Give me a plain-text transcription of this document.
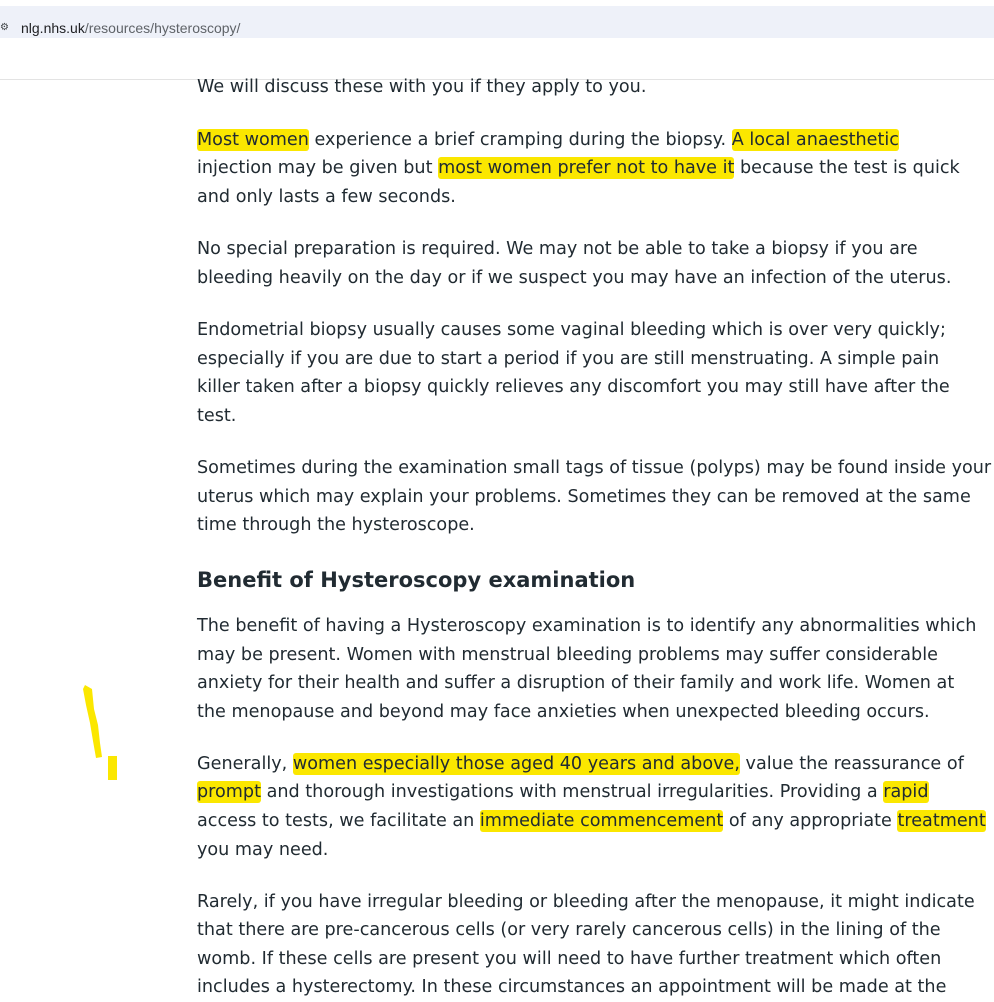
⚙ nlg.nhs.uk/resources/hysteroscopy/

We will discuss these with you if they apply to you.

Most women experience a brief cramping during the biopsy. A local anaesthetic

injection may be given but most women prefer not to have it because the test is quick

and only lasts a few seconds.

No special preparation is required. We may not be able to take a biopsy if you are

bleeding heavily on the day or if we suspect you may have an infection of the uterus.

Endometrial biopsy usually causes some vaginal bleeding which is over very quickly;

especially if you are due to start a period if you are still menstruating. A simple pain

killer taken after a biopsy quickly relieves any discomfort you may still have after the

test.

Sometimes during the examination small tags of tissue (polyps) may be found inside your

uterus which may explain your problems. Sometimes they can be removed at the same

time through the hysteroscope.

Benefit of Hysteroscopy examination

The benefit of having a Hysteroscopy examination is to identify any abnormalities which

may be present. Women with menstrual bleeding problems may suffer considerable

anxiety for their health and suffer a disruption of their family and work life. Women at

the menopause and beyond may face anxieties when unexpected bleeding occurs.

Generally, women especially those aged 40 years and above, value the reassurance of

prompt and thorough investigations with menstrual irregularities. Providing a rapid

access to tests, we facilitate an immediate commencement of any appropriate treatment

you may need.

Rarely, if you have irregular bleeding or bleeding after the menopause, it might indicate

that there are pre-cancerous cells (or very rarely cancerous cells) in the lining of the

womb. If these cells are present you will need to have further treatment which often

includes a hysterectomy. In these circumstances an appointment will be made at the
